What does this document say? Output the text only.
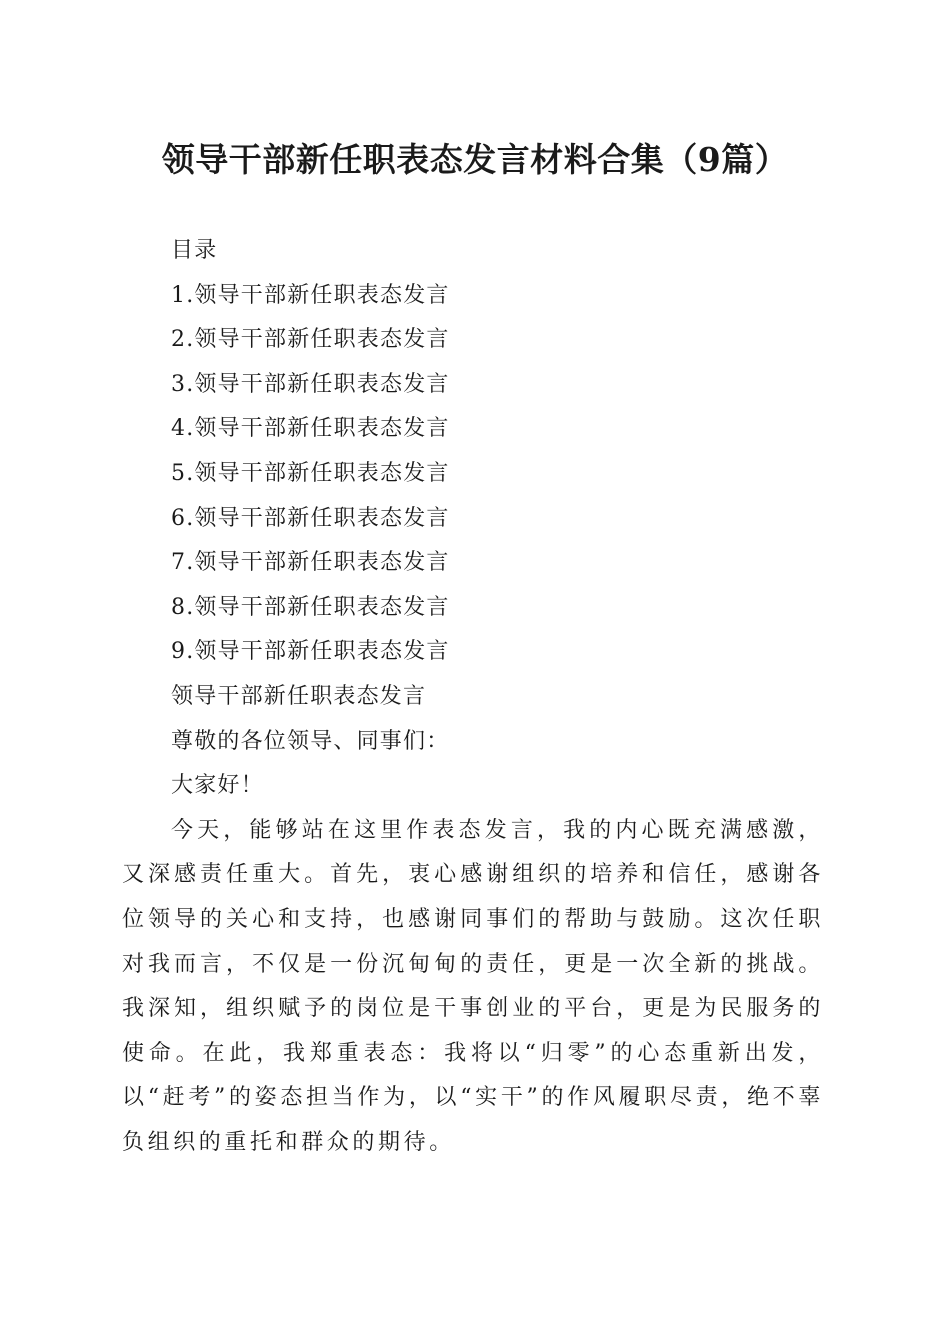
领导干部新任职表态发言材料合集（9篇）

目录

1.领导干部新任职表态发言
2.领导干部新任职表态发言
3.领导干部新任职表态发言
4.领导干部新任职表态发言
5.领导干部新任职表态发言
6.领导干部新任职表态发言
7.领导干部新任职表态发言
8.领导干部新任职表态发言
9.领导干部新任职表态发言

领导干部新任职表态发言

尊敬的各位领导、同事们：

大家好！

今天，能够站在这里作表态发言，我的内心既充满感激，又深感责任重大。首先，衷心感谢组织的培养和信任，感谢各位领导的关心和支持，也感谢同事们的帮助与鼓励。这次任职对我而言，不仅是一份沉甸甸的责任，更是一次全新的挑战。我深知，组织赋予的岗位是干事创业的平台，更是为民服务的使命。在此，我郑重表态：我将以“归零”的心态重新出发，以“赶考”的姿态担当作为，以“实干”的作风履职尽责，绝不辜负组织的重托和群众的期待。
